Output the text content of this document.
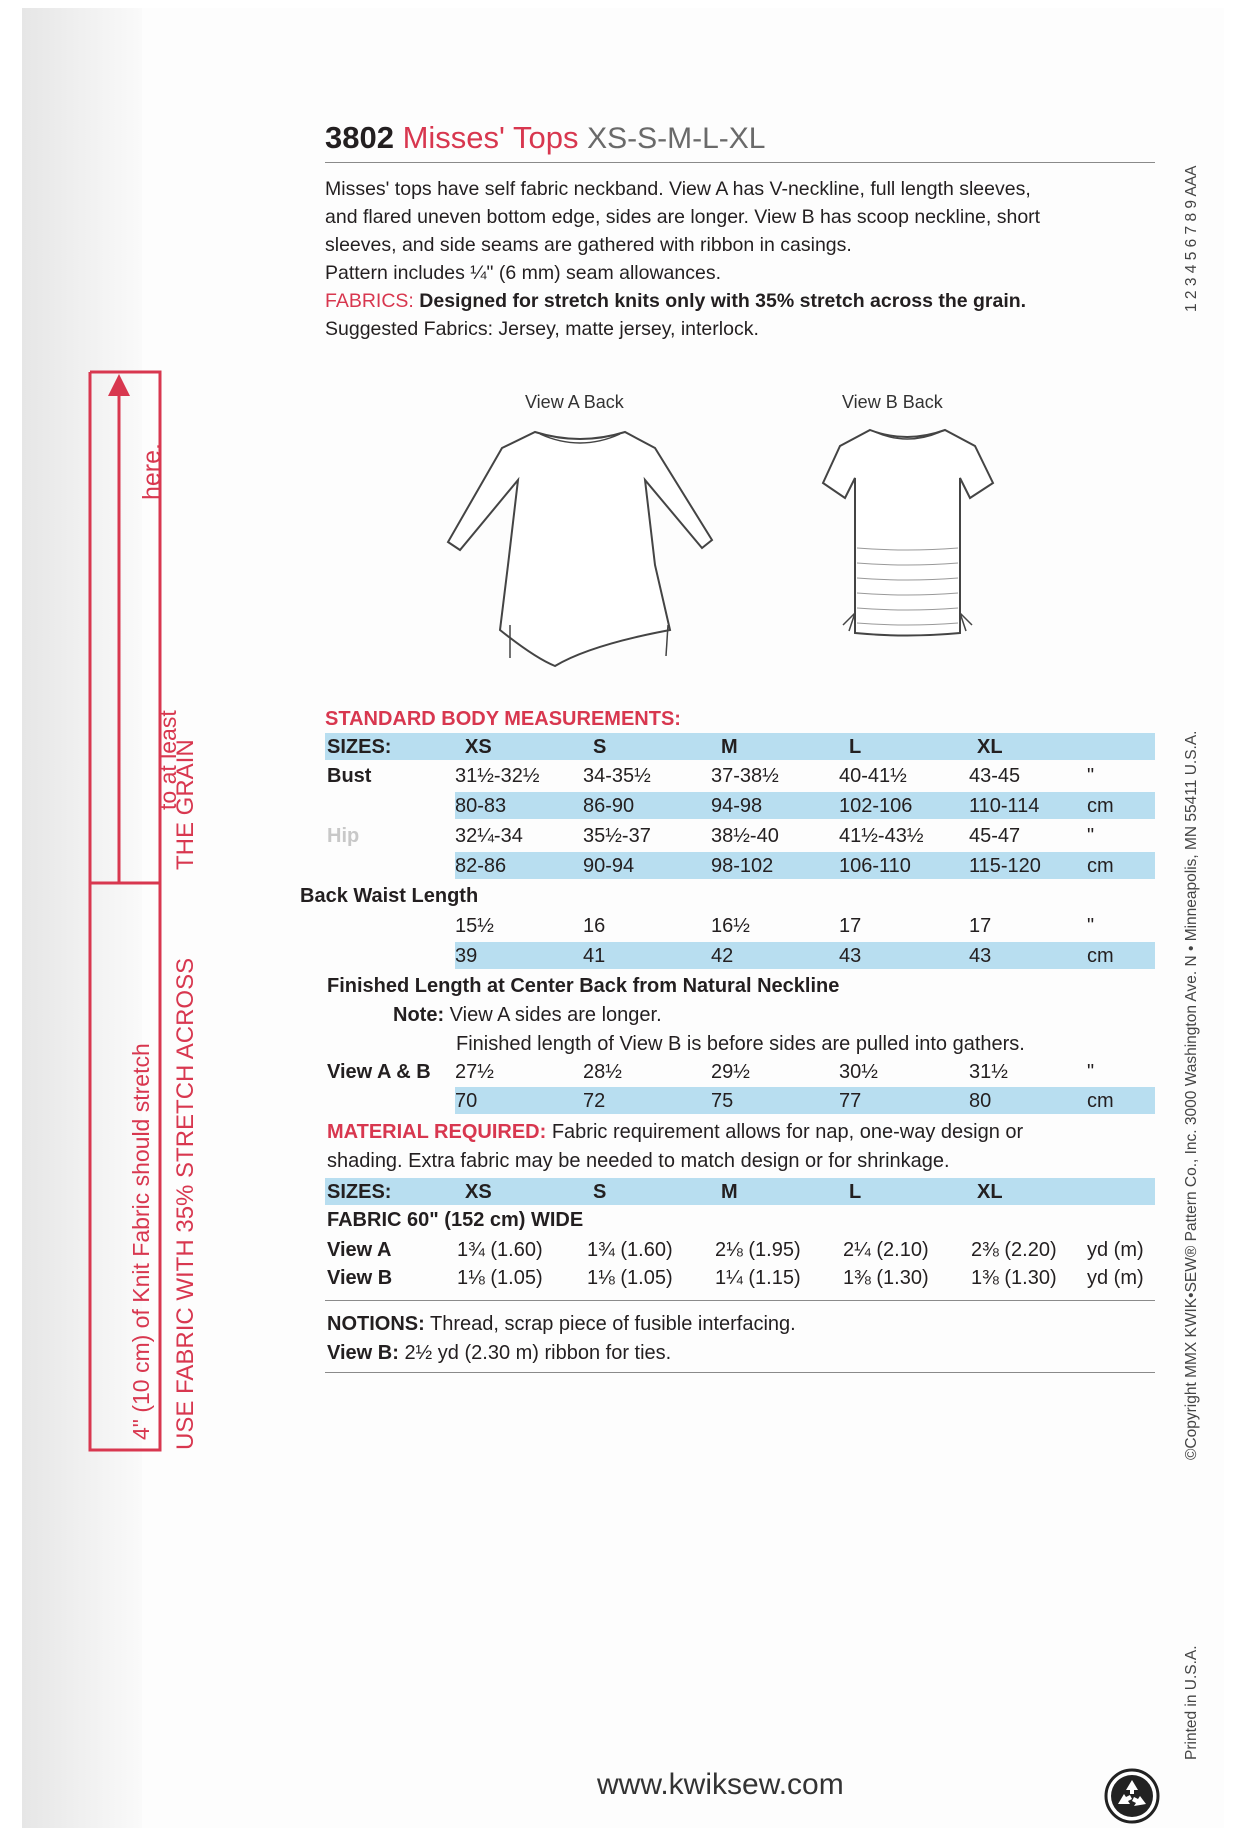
4" (10 cm) of Knit Fabric should stretch
to at least
here.
USE FABRIC WITH 35% STRETCH ACROSS
THE GRAIN
3802 Misses' Tops XS-S-M-L-XL

Misses' tops have self fabric neckband. View A has V-neckline, full length sleeves,

and flared uneven bottom edge, sides are longer. View B has scoop neckline, short

sleeves, and side seams are gathered with ribbon in casings.

Pattern includes ¼" (6 mm) seam allowances.

FABRICS: Designed for stretch knits only with 35% stretch across the grain.

Suggested Fabrics: Jersey, matte jersey, interlock.

View A Back	View B Back
STANDARD BODY MEASUREMENTS:
SIZES:	XS	S	M	L	XL
Bust	31½-32½ 34-35½	37-38½	40-41½	43-45	"
80-83	86-90	94-98	102-106	110-114 cm
Hip	32¼-34	35½-37	38½-40	41½-43½ 45-47	"
82-86	90-94	98-102	106-110	115-120 cm
Back Waist Length
15½	16	16½	17	17	"
39	41	42	43	43	cm
Finished Length at Center Back from Natural Neckline
Note: View A sides are longer.
Finished length of View B is before sides are pulled into gathers.
View A & B 27½	28½	29½	30½	31½	"
70	72	75	77	80	cm
MATERIAL REQUIRED: Fabric requirement allows for nap, one-way design or
shading. Extra fabric may be needed to match design or for shrinkage.
SIZES:	XS	S	M	L	XL
FABRIC 60" (152 cm) WIDE
View A	1¾ (1.60) 1¾ (1.60) 2⅛ (1.95) 2¼ (2.10) 2⅜ (2.20) yd (m)
View B	1⅛ (1.05) 1⅛ (1.05) 1¼ (1.15) 1⅜ (1.30) 1⅜ (1.30) yd (m)
NOTIONS: Thread, scrap piece of fusible interfacing.
View B: 2½ yd (2.30 m) ribbon for ties.
1 2 3 4 5 6 7 8 9 AAA
©Copyright MMX KWIK•SEW® Pattern Co., Inc. 3000 Washington Ave. N • Minneapolis, MN 55411 U.S.A.
Printed in U.S.A.
www.kwiksew.com
